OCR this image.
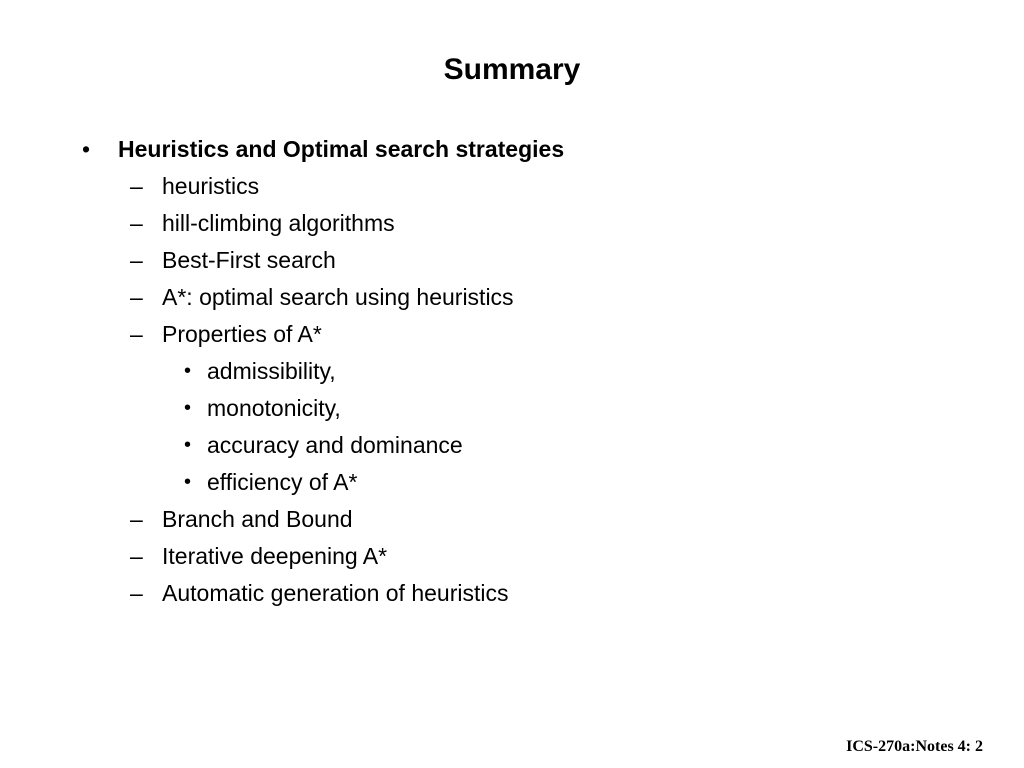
Summary
• Heuristics and Optimal search strategies
– heuristics
– hill-climbing algorithms
– Best-First search
– A*: optimal search using heuristics
– Properties of A*
• admissibility,
• monotonicity,
• accuracy and dominance
• efficiency of A*
– Branch and Bound
– Iterative deepening A*
– Automatic generation of heuristics
ICS-270a:Notes 4: 2
